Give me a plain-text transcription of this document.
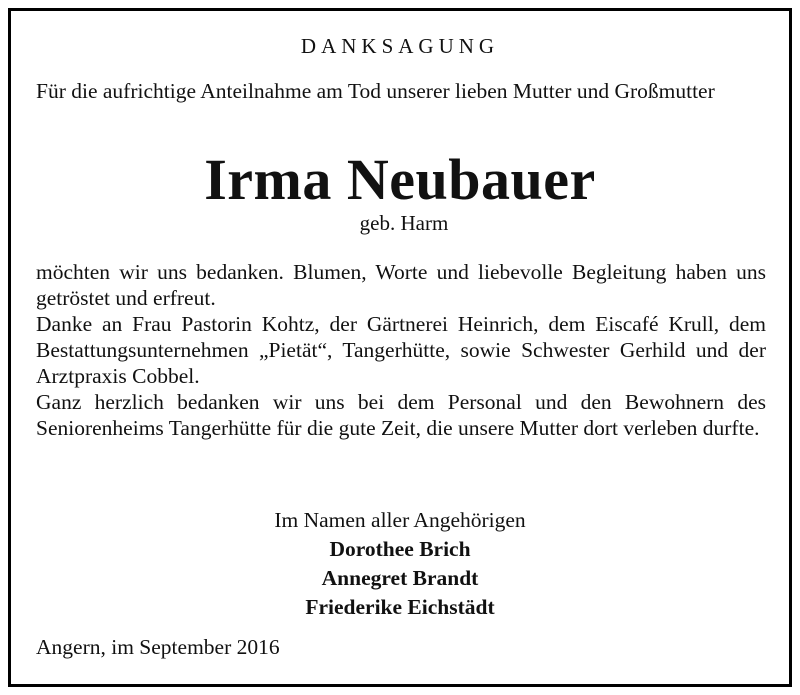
DANKSAGUNG
Für die aufrichtige Anteilnahme am Tod unserer lieben Mutter und Großmutter
Irma Neubauer
geb. Harm
möchten wir uns bedanken. Blumen, Worte und liebevolle Begleitung haben uns getröstet und erfreut.
Danke an Frau Pastorin Kohtz, der Gärtnerei Heinrich, dem Eiscafé Krull, dem Bestattungsunternehmen „Pietät“, Tangerhütte, sowie Schwester Gerhild und der Arztpraxis Cobbel.
Ganz herzlich bedanken wir uns bei dem Personal und den Bewohnern des Seniorenheims Tangerhütte für die gute Zeit, die unsere Mutter dort verleben durfte.
Im Namen aller Angehörigen
Dorothee Brich
Annegret Brandt
Friederike Eichstädt
Angern, im September 2016
